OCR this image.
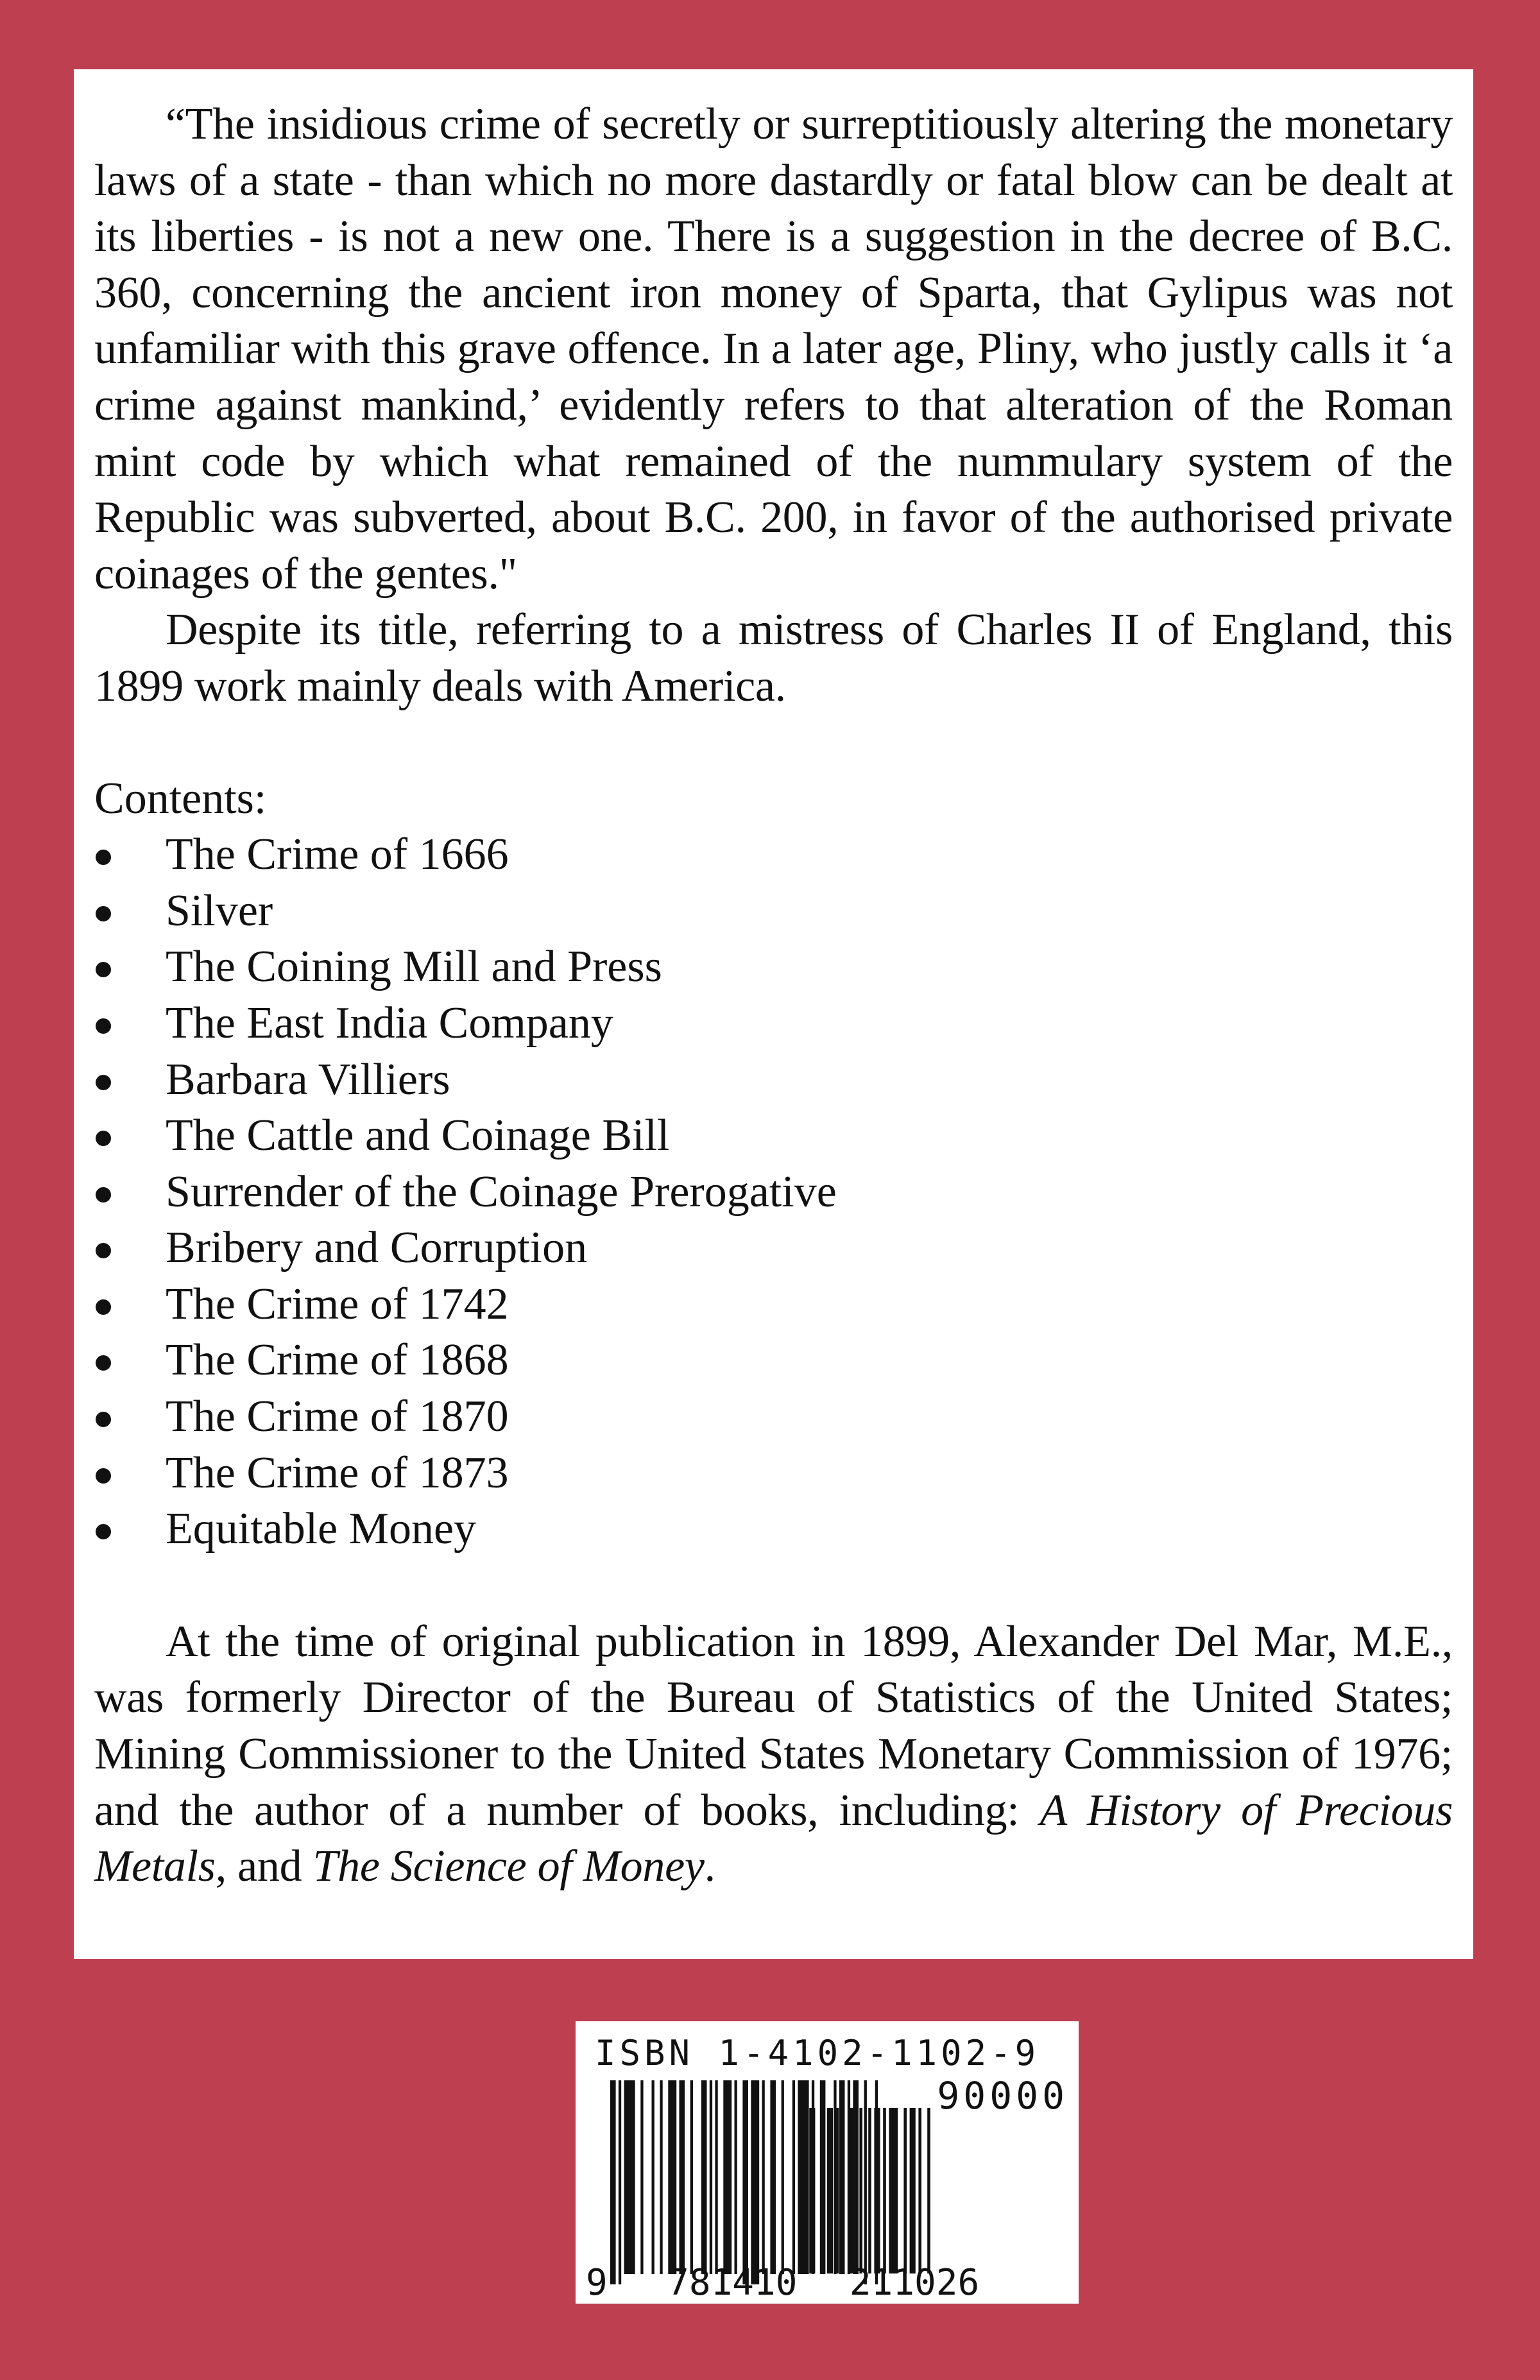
“The insidious crime of secretly or surreptitiously altering the monetary laws of a state - than which no more dastardly or fatal blow can be dealt at its liberties - is not a new one. There is a suggestion in the decree of B.C. 360, concerning the ancient iron money of Sparta, that Gylipus was not unfamiliar with this grave offence. In a later age, Pliny, who justly calls it ‘a crime against mankind,’ evidently refers to that alteration of the Roman mint code by which what remained of the nummulary system of the Republic was subverted, about B.C. 200, in favor of the authorised private coinages of the gentes."

Despite its title, referring to a mistress of Charles II of England, this 1899 work mainly deals with America.

Contents:
The Crime of 1666
Silver
The Coining Mill and Press
The East India Company
Barbara Villiers
The Cattle and Coinage Bill
Surrender of the Coinage Prerogative
Bribery and Corruption
The Crime of 1742
The Crime of 1868
The Crime of 1870
The Crime of 1873
Equitable Money

At the time of original publication in 1899, Alexander Del Mar, M.E., was formerly Director of the Bureau of Statistics of the United States; Mining Commissioner to the United States Monetary Commission of 1976; and the author of a number of books, including: A History of Precious Metals, and The Science of Money.

ISBN 1-4102-1102-9
90000
9 781410 211026
